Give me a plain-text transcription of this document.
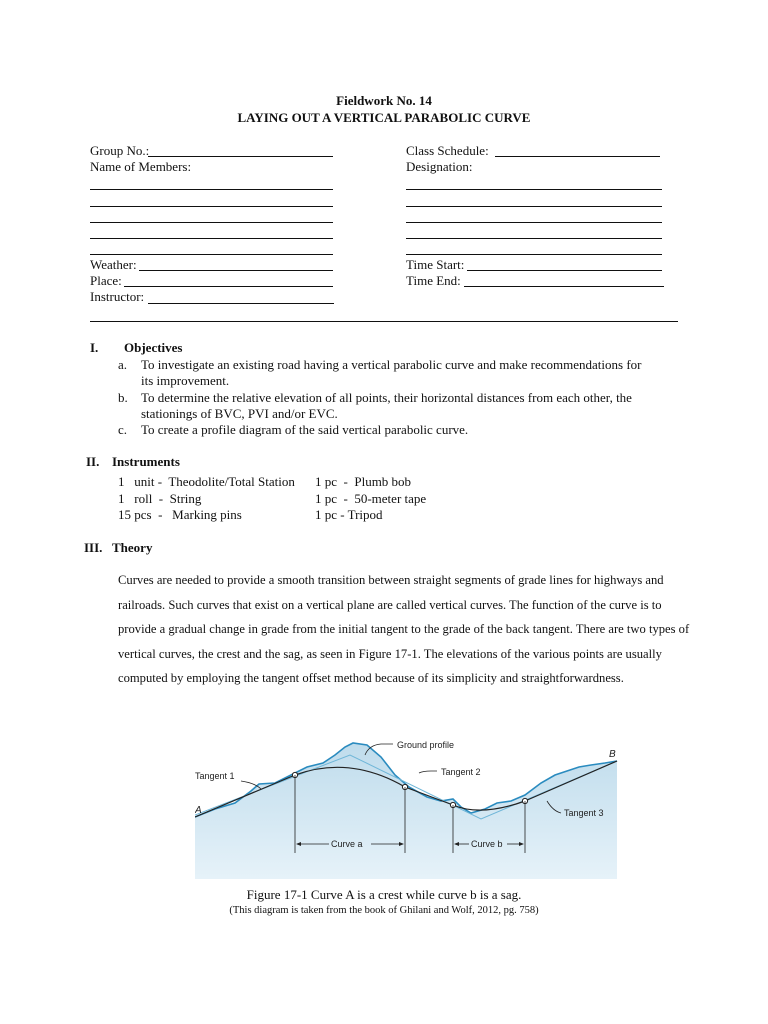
Fieldwork No. 14
LAYING OUT A VERTICAL PARABOLIC CURVE
Group No.:
Name of Members:
Weather:
Place:
Instructor:
Class Schedule:
Designation:
Time Start:
Time End:
I. Objectives
a. To investigate an existing road having a vertical parabolic curve and make recommendations for
its improvement.
b. To determine the relative elevation of all points, their horizontal distances from each other, the
stationings of BVC, PVI and/or EVC.
c. To create a profile diagram of the said vertical parabolic curve.
II. Instruments
1   unit -  Theodolite/Total Station
1   roll  -  String
15 pcs  -   Marking pins
1 pc  -  Plumb bob
1 pc  -  50-meter tape
1 pc - Tripod
III. Theory
Curves are needed to provide a smooth transition between straight segments of grade lines for highways and railroads. Such curves that exist on a vertical plane are called vertical curves. The function of the curve is to provide a gradual change in grade from the initial tangent to the grade of the back tangent. There are two types of vertical curves, the crest and the sag, as seen in Figure 17-1. The elevations of the various points are usually computed by employing the tangent offset method because of its simplicity and straightforwardness.
Ground profile
Tangent 1	Tangent 2
Tangent 3
A
B
Curve a	Curve b
Figure 17-1 Curve A is a crest while curve b is a sag.
(This diagram is taken from the book of Ghilani and Wolf, 2012, pg. 758)
